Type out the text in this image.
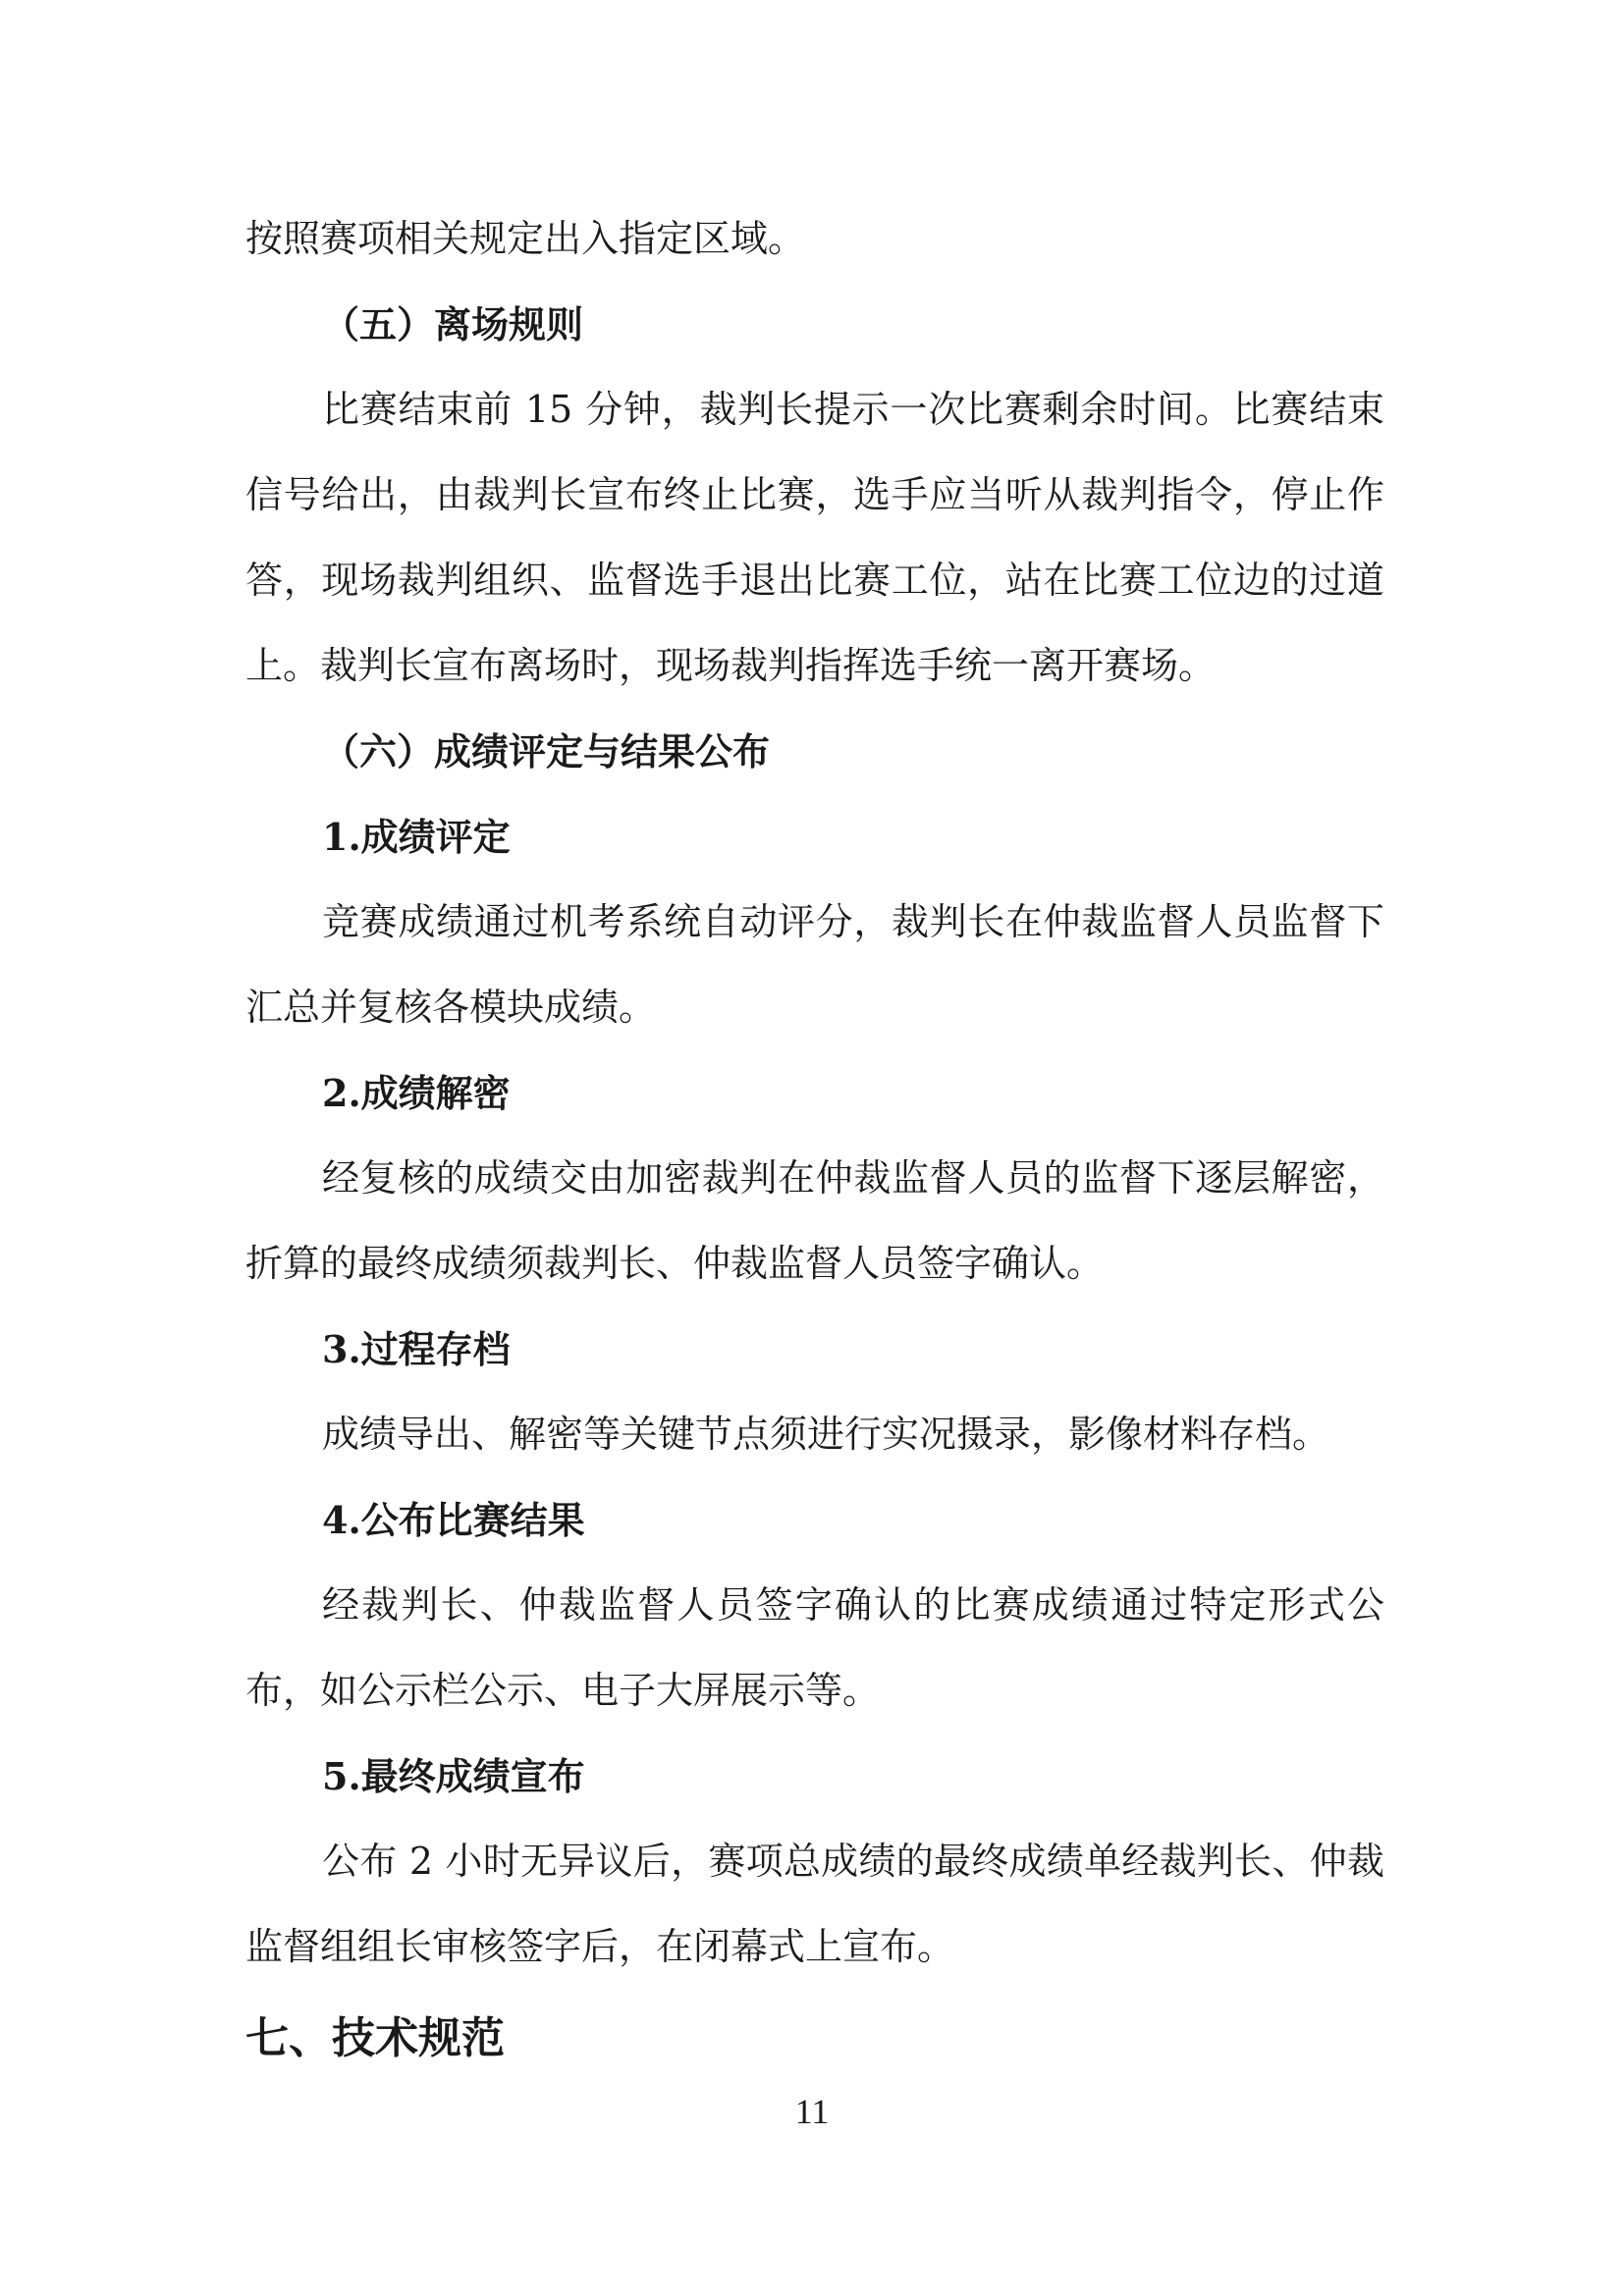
按照赛项相关规定出入指定区域。

（五）离场规则

比赛结束前 15 分钟，裁判长提示一次比赛剩余时间。比赛结束信号给出，由裁判长宣布终止比赛，选手应当听从裁判指令，停止作答，现场裁判组织、监督选手退出比赛工位，站在比赛工位边的过道上。裁判长宣布离场时，现场裁判指挥选手统一离开赛场。

（六）成绩评定与结果公布

1.成绩评定

竞赛成绩通过机考系统自动评分，裁判长在仲裁监督人员监督下汇总并复核各模块成绩。

2.成绩解密

经复核的成绩交由加密裁判在仲裁监督人员的监督下逐层解密，折算的最终成绩须裁判长、仲裁监督人员签字确认。

3.过程存档

成绩导出、解密等关键节点须进行实况摄录，影像材料存档。

4.公布比赛结果

经裁判长、仲裁监督人员签字确认的比赛成绩通过特定形式公布，如公示栏公示、电子大屏展示等。

5.最终成绩宣布

公布 2 小时无异议后，赛项总成绩的最终成绩单经裁判长、仲裁监督组组长审核签字后，在闭幕式上宣布。

七、技术规范

11
